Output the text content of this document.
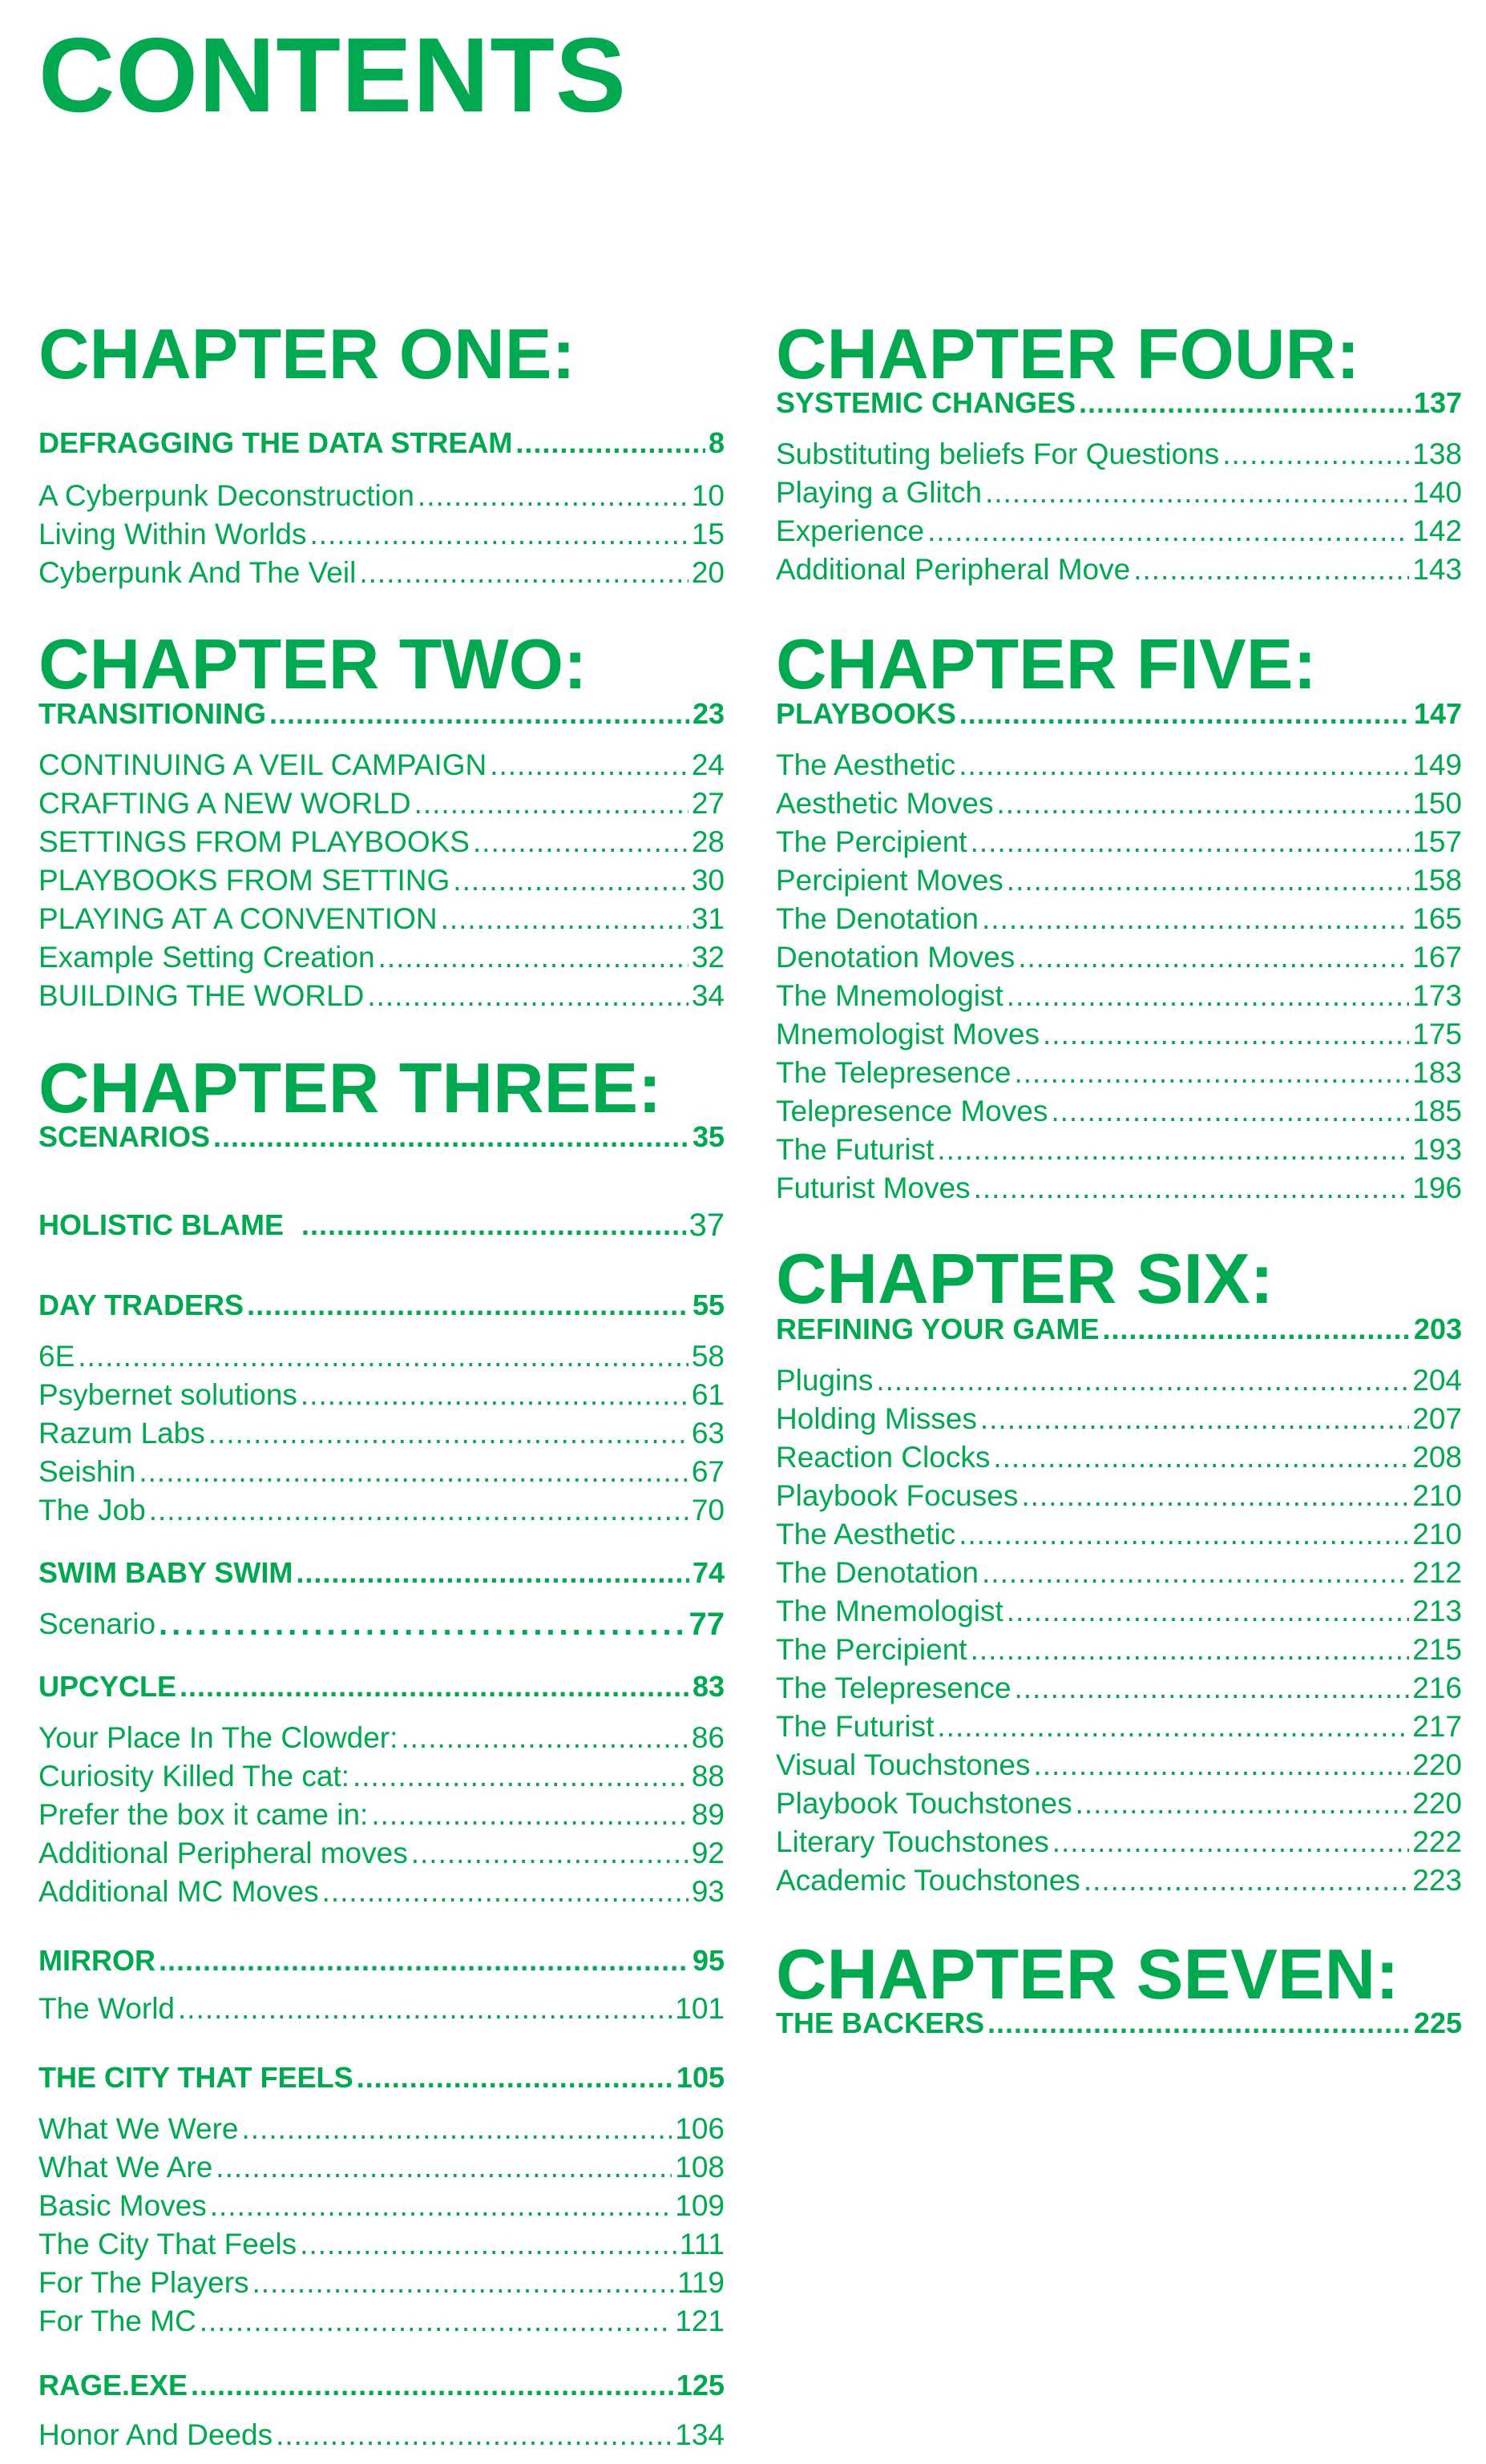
CONTENTS
CHAPTER ONE:
DEFRAGGING THE DATA STREAM .....	8
A Cyberpunk Deconstruction .....	10
Living Within Worlds .....	15
Cyberpunk And The Veil .....	20
CHAPTER TWO:
TRANSITIONING .....	23
CONTINUING A VEIL CAMPAIGN .....	24
CRAFTING A NEW WORLD .....	27
SETTINGS FROM PLAYBOOKS .....	28
PLAYBOOKS FROM SETTING .....	30
PLAYING AT A CONVENTION .....	31
Example Setting Creation .....	32
BUILDING THE WORLD .....	34
CHAPTER THREE:
SCENARIOS .....	35
HOLISTIC BLAME .....	37
DAY TRADERS .....	55
6E .....	58
Psybernet solutions .....	61
Razum Labs .....	63
Seishin .....	67
The Job .....	70
SWIM BABY SWIM .....	74
Scenario .....	77
UPCYCLE .....	83
Your Place In The Clowder: .....	86
Curiosity Killed The cat: .....	88
Prefer the box it came in: .....	89
Additional Peripheral moves .....	92
Additional MC Moves .....	93
MIRROR .....	95
The World .....	101
THE CITY THAT FEELS .....	105
What We Were .....	106
What We Are .....	108
Basic Moves .....	109
The City That Feels .....	111
For The Players .....	119
For The MC .....	121
RAGE.EXE .....	125
Honor And Deeds .....	134
CHAPTER FOUR:
SYSTEMIC CHANGES .....	137
Substituting beliefs For Questions .....	138
Playing a Glitch .....	140
Experience .....	142
Additional Peripheral Move .....	143
CHAPTER FIVE:
PLAYBOOKS .....	147
The Aesthetic .....	149
Aesthetic Moves .....	150
The Percipient .....	157
Percipient Moves .....	158
The Denotation .....	165
Denotation Moves .....	167
The Mnemologist .....	173
Mnemologist Moves .....	175
The Telepresence .....	183
Telepresence Moves .....	185
The Futurist .....	193
Futurist Moves .....	196
CHAPTER SIX:
REFINING YOUR GAME .....	203
Plugins .....	204
Holding Misses .....	207
Reaction Clocks .....	208
Playbook Focuses .....	210
The Aesthetic .....	210
The Denotation .....	212
The Mnemologist .....	213
The Percipient .....	215
The Telepresence .....	216
The Futurist .....	217
Visual Touchstones .....	220
Playbook Touchstones .....	220
Literary Touchstones .....	222
Academic Touchstones .....	223
CHAPTER SEVEN:
THE BACKERS .....	225
